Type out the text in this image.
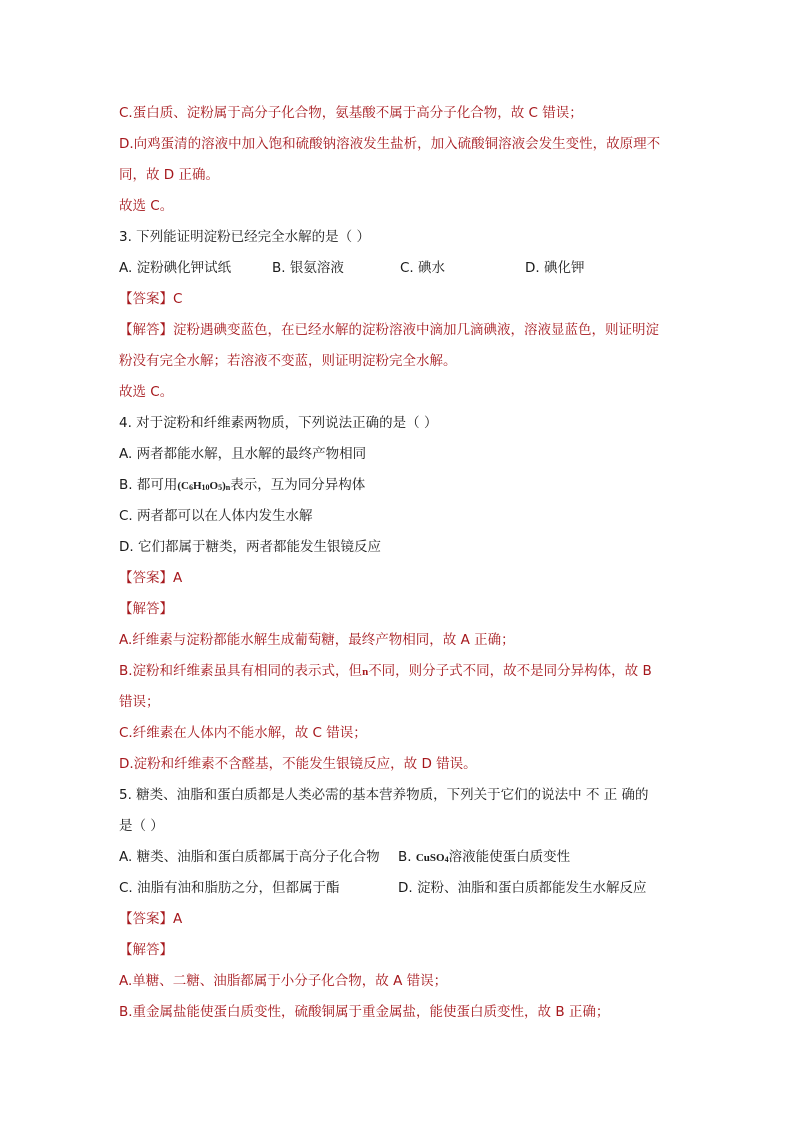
C.蛋白质、淀粉属于高分子化合物，氨基酸不属于高分子化合物，故 C 错误；
D.向鸡蛋清的溶液中加入饱和硫酸钠溶液发生盐析，加入硫酸铜溶液会发生变性，故原理不
同，故 D 正确。
故选 C。
3. 下列能证明淀粉已经完全水解的是（ ）
A. 淀粉碘化钾试纸	B. 银氨溶液	C. 碘水	D. 碘化钾
【答案】C
【解答】淀粉遇碘变蓝色，在已经水解的淀粉溶液中滴加几滴碘液，溶液显蓝色，则证明淀
粉没有完全水解；若溶液不变蓝，则证明淀粉完全水解。
故选 C。
4. 对于淀粉和纤维素两物质，下列说法正确的是（ ）
A. 两者都能水解，且水解的最终产物相同
B. 都可用$(C_6H_{10}O_5)_n$表示，互为同分异构体
C. 两者都可以在人体内发生水解
D. 它们都属于糖类，两者都能发生银镜反应
【答案】A
【解答】
A.纤维素与淀粉都能水解生成葡萄糖，最终产物相同，故 A 正确；
B.淀粉和纤维素虽具有相同的表示式，但n不同，则分子式不同，故不是同分异构体，故 B
错误；
C.纤维素在人体内不能水解，故 C 错误；
D.淀粉和纤维素不含醛基，不能发生银镜反应，故 D 错误。
5. 糖类、油脂和蛋白质都是人类必需的基本营养物质，下列关于它们的说法中 不 正 确的
是（ ）
A. 糖类、油脂和蛋白质都属于高分子化合物 B. CuSO$_4$溶液能使蛋白质变性
C. 油脂有油和脂肪之分，但都属于酯	D. 淀粉、油脂和蛋白质都能发生水解反应
【答案】A
【解答】
A.单糖、二糖、油脂都属于小分子化合物，故 A 错误；
B.重金属盐能使蛋白质变性，硫酸铜属于重金属盐，能使蛋白质变性，故 B 正确；
